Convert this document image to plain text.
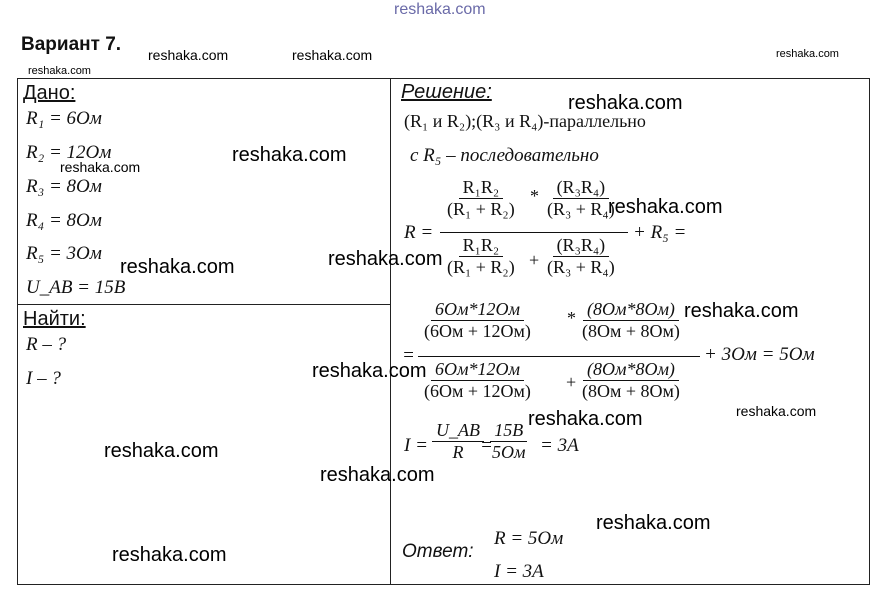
reshaka.com
Вариант 7. reshaka.com	reshaka.com	reshaka.com
reshaka.com
Дано:
R₁ = 6Ом
R₂ = 12Ом
R₃ = 8Ом
R₄ = 8Ом
R₅ = 3Ом
U_AB = 15B
Найти:
R – ?
I – ?
Решение:
(R₁ и R₂);(R₃ и R₄)-параллельно
с R₅ – последовательно
R =
$\frac{\text{R₁R₂}}{\text{(R₁ + R₂)}} * \frac{\text{(R₃R₄)}}{\text{(R₃ + R₄)}}$
$\frac{\text{R₁R₂}}{\text{(R₁ + R₂)}} + \frac{\text{(R₃R₄)}}{\text{(R₃ + R₄)}}$
+ R₅ =
=
6Ом*12Ом
(6Ом + 12Ом)
* (8Ом*8Ом)
(8Ом + 8Ом)
6Ом*12Ом
(6Ом + 12Ом) +
(8Ом*8Ом)
(8Ом + 8Ом)
+ 3Ом = 5Ом
$I = \frac{U\_AB}{R}$
=
15B
5Ом = 3A
Ответ:
R = 5Ом
I = 3A
reshaka.com
reshaka.com
reshaka.com	reshaka.com
reshaka.com
reshaka.com
reshaka.com
reshaka.com
reshaka.com
reshaka.com
reshaka.com
reshaka.com
reshaka.com
reshaka.com
